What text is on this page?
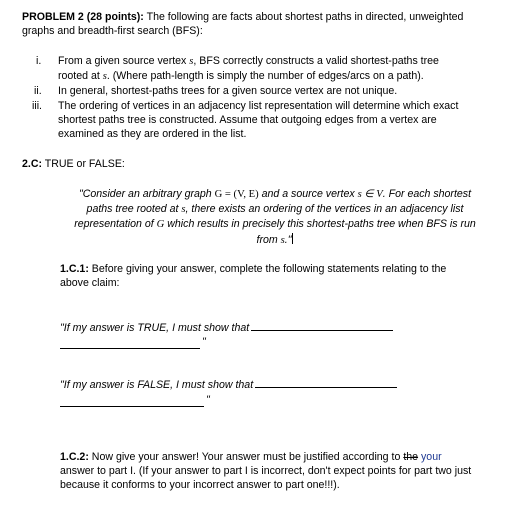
PROBLEM 2 (28 points): The following are facts about shortest paths in directed, unweighted
graphs and breadth-first search (BFS):
i.	From a given source vertex s, BFS correctly constructs a valid shortest-paths tree
rooted at s. (Where path-length is simply the number of edges/arcs on a path).
ii.	In general, shortest-paths trees for a given source vertex are not unique.
iii.	The ordering of vertices in an adjacency list representation will determine which exact
shortest paths tree is constructed. Assume that outgoing edges from a vertex are
examined as they are ordered in the list.
2.C: TRUE or FALSE:
"Consider an arbitrary graph G = (V, E) and a source vertex s ∈ V. For each shortest
paths tree rooted at s, there exists an ordering of the vertices in an adjacency list
representation of G which results in precisely this shortest-paths tree when BFS is run
from s."
1.C.1: Before giving your answer, complete the following statements relating to the
above claim:
"If my answer is TRUE, I must show that
"
"If my answer is FALSE, I must show that
"
1.C.2: Now give your answer! Your answer must be justified according to the your
answer to part I. (If your answer to part I is incorrect, don't expect points for part two just
because it conforms to your incorrect answer to part one!!!).
